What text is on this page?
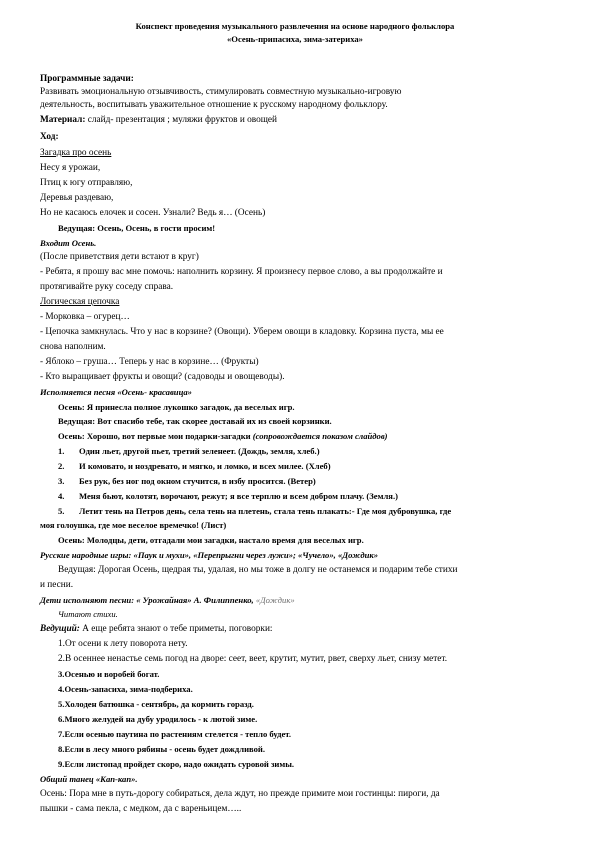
Конспект проведения музыкального развлечения на основе народного фольклора
«Осень-припасиха, зима-затериха»
Программные задачи:
Развивать эмоциональную отзывчивость, стимулировать совместную музыкально-игровую
деятельность, воспитывать уважительное отношение к русскому народному фольклору.
Материал: слайд- презентация ; муляжи фруктов и овощей
Ход:
Загадка про осень
Несу я урожаи,
Птиц к югу отправляю,
Деревья раздеваю,
Но не касаюсь елочек и сосен. Узнали? Ведь я… (Осень)
Ведущая: Осень, Осень, в гости просим!
Входит Осень.
(После приветствия дети встают в круг)
- Ребята, я прошу вас мне помочь: наполнить корзину. Я произнесу первое слово, а вы продолжайте и
протягивайте руку соседу справа.
Логическая цепочка
- Морковка – огурец…
- Цепочка замкнулась. Что у нас в корзине? (Овощи). Уберем овощи в кладовку. Корзина пуста, мы ее
снова наполним.
- Яблоко – груша… Теперь у нас в корзине… (Фрукты)
- Кто выращивает фрукты и овощи? (садоводы и овощеводы).
Исполняется песня «Осень- красавица»
Осень: Я принесла полное лукошко загадок, да веселых игр.
Ведущая: Вот спасибо тебе, так скорее доставай их из своей корзинки.
Осень: Хорошо, вот первые мои подарки-загадки (сопровождается показом слайдов)
1. Один льет, другой пьет, третий зеленеет. (Дождь, земля, хлеб.)
2. И комовато, и ноздревато, и мягко, и ломко, и всех милее. (Хлеб)
3. Без рук, без ног под окном стучится, в избу просится. (Ветер)
4. Меня бьют, колотят, ворочают, режут; я все терплю и всем добром плачу. (Земля.)
5. Летит тень на Петров день, села тень на плетень, стала тень плакать:- Где моя дубровушка, где
моя голоушка, где мое веселое времечко! (Лист)
Осень: Молодцы, дети, отгадали мои загадки, настало время для веселых игр.
Русские народные игры: «Паук и мухи», «Перепрыгни через лужи»; «Чучело», «Дождик»
Ведущая: Дорогая Осень, щедрая ты, удалая, но мы тоже в долгу не останемся и подарим тебе стихи
и песни.
Дети исполняют песни: « Урожайная» А. Филиппенко, «Дождик»
Читают стихи.
Ведущий: А еще ребята знают о тебе приметы, поговорки:
1.От осени к лету поворота нету.
2.В осеннее ненастье семь погод на дворе: сеет, веет, крутит, мутит, рвет, сверху льет, снизу метет.
3.Осенью и воробей богат.
4.Осень-запасиха, зима-подбериха.
5.Холоден батюшка - сентябрь, да кормить горазд.
6.Много желудей на дубу уродилось - к лютой зиме.
7.Если осенью паутина по растениям стелется - тепло будет.
8.Если в лесу много рябины - осень будет дождливой.
9.Если листопад пройдет скоро, надо ожидать суровой зимы.
Общий танец «Кап-кап».
Осень: Пора мне в путь-дорогу собираться, дела ждут, но прежде примите мои гостинцы: пироги, да
пышки - сама пекла, с медком, да с вареньицем…..
